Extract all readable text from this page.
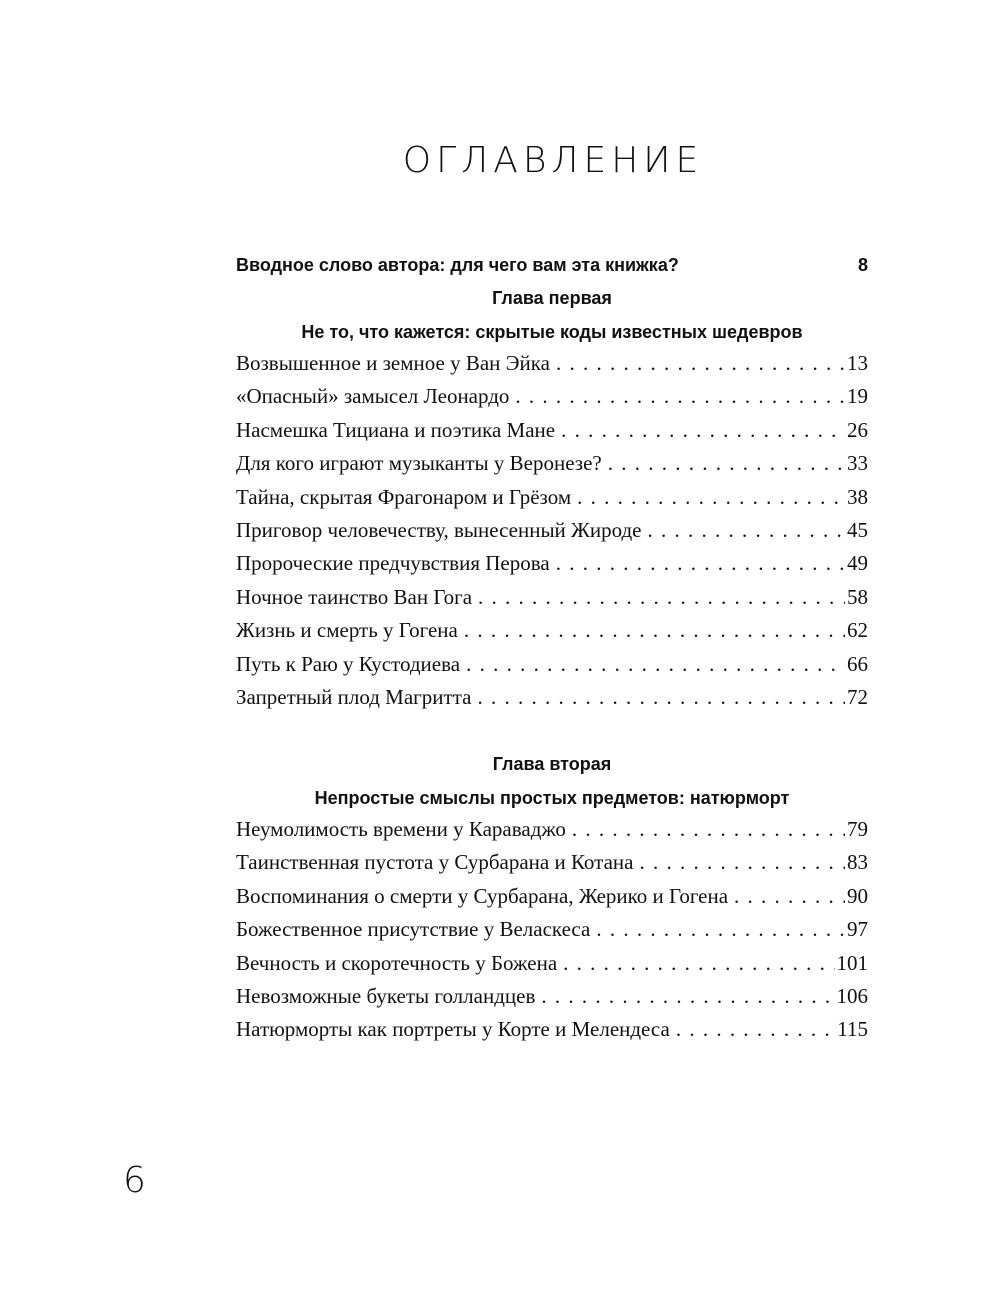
ОГЛАВЛЕНИЕ
Вводное слово автора: для чего вам эта книжка?	8
Глава первая
Не то, что кажется: скрытые коды известных шедевров
Возвышенное и земное у Ван Эйка . . .	13
«Опасный» замысел Леонардо . . .	19
Насмешка Тициана и поэтика Мане . . .	26
Для кого играют музыканты у Веронезе? . . .	33
Тайна, скрытая Фрагонаром и Грёзом . . .	38
Приговор человечеству, вынесенный Жироде . . .	45
Пророческие предчувствия Перова . . .	49
Ночное таинство Ван Гога . . .	58
Жизнь и смерть у Гогена . . .	62
Путь к Раю у Кустодиева . . .	66
Запретный плод Магритта . . .	72
Глава вторая
Непростые смыслы простых предметов: натюрморт
Неумолимость времени у Караваджо . . .	79
Таинственная пустота у Сурбарана и Котана . . .	83
Воспоминания о смерти у Сурбарана, Жерико и Гогена . . .	90
Божественное присутствие у Веласкеса . . .	97
Вечность и скоротечность у Божена . . .	101
Невозможные букеты голландцев . . .	106
Натюрморты как портреты у Корте и Мелендеса . . .	115
6
